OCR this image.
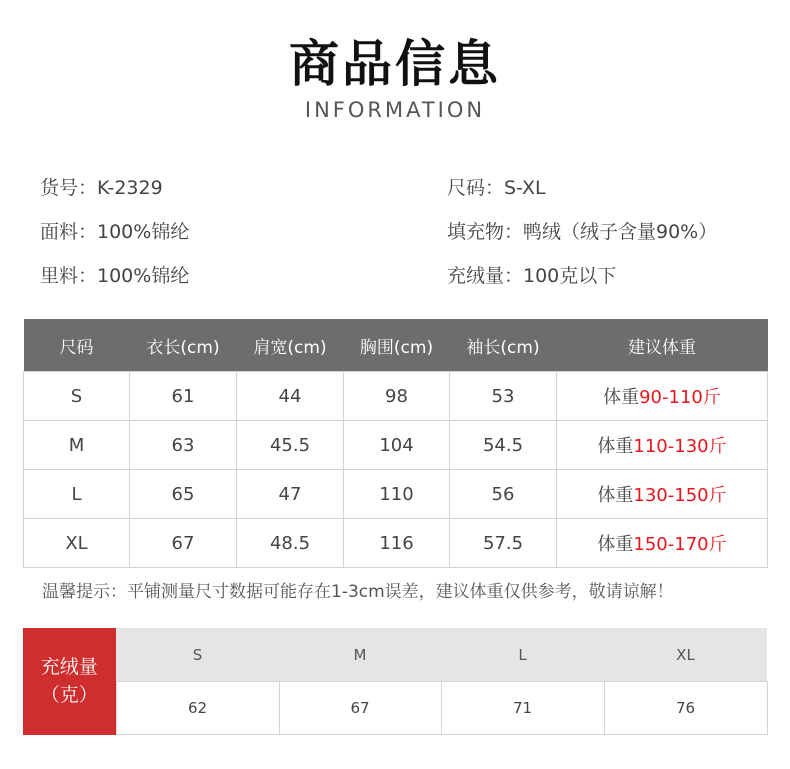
商品信息
INFORMATION
货号：K-2329
面料：100%锦纶
里料：100%锦纶
尺码：S-XL
填充物：鸭绒（绒子含量90%）
充绒量：100克以下
尺码	衣长(cm)	肩宽(cm)	胸围(cm)	袖长(cm)	建议体重
S	61	44	98	53	体重90-110斤
M	63	45.5	104	54.5	体重110-130斤
L	65	47	110	56	体重130-150斤
XL	67	48.5	116	57.5	体重150-170斤
温馨提示：平铺测量尺寸数据可能存在1-3cm误差，建议体重仅供参考，敬请谅解！
充绒量
（克）	S	M	L	XL
	62	67	71	76
